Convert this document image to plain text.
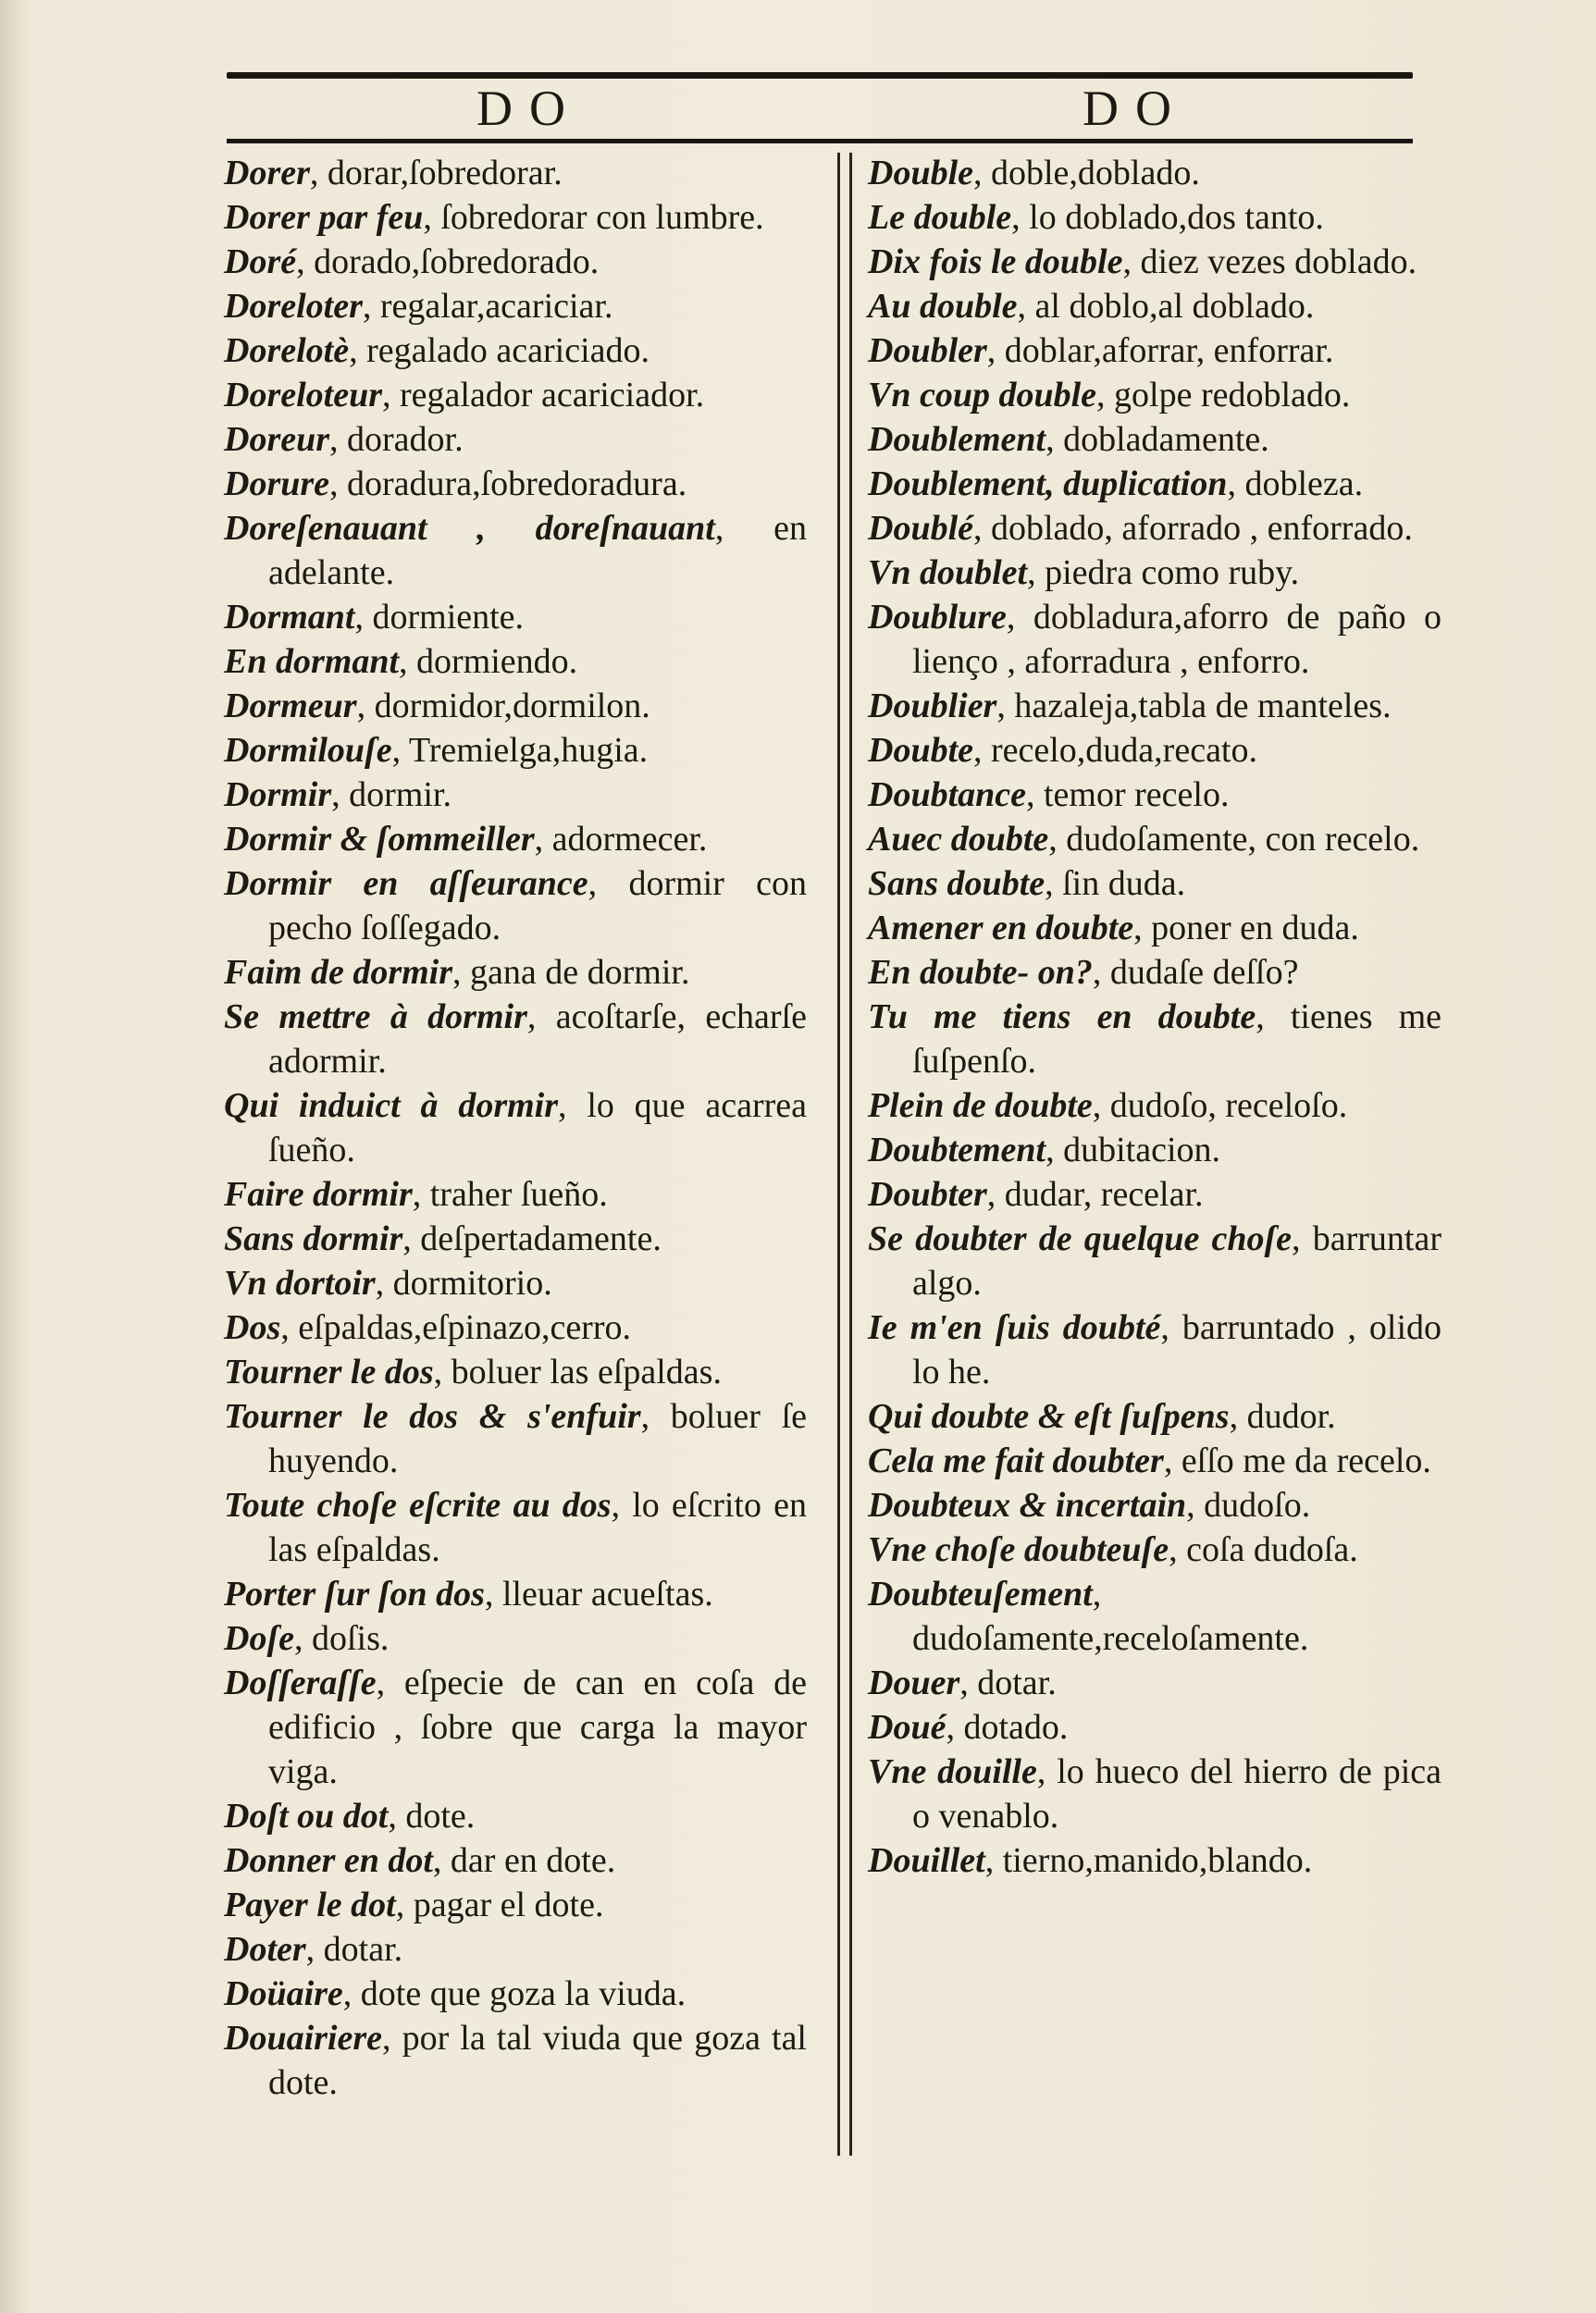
DO	DO

Dorer, dorar,ſobredorar.

Dorer par feu, ſobredorar con lumbre.

Doré, dorado,ſobredorado.

Doreloter, regalar,acariciar.

Dorelotè, regalado acariciado.

Doreloteur, regalador acariciador.

Doreur, dorador.

Dorure, doradura,ſobredoradura.

Doreſenauant , doreſnauant, en adelante.

Dormant, dormiente.

En dormant, dormiendo.

Dormeur, dormidor,dormilon.

Dormilouſe, Tremielga,hugia.

Dormir, dormir.

Dormir & ſommeiller, adormecer.

Dormir en aſſeurance, dormir con pecho ſoſſegado.

Faim de dormir, gana de dormir.

Se mettre à dormir, acoſtarſe, echarſe adormir.

Qui induict à dormir, lo que acarrea ſueño.

Faire dormir, traher ſueño.

Sans dormir, deſpertadamente.

Vn dortoir, dormitorio.

Dos, eſpaldas,eſpinazo,cerro.

Tourner le dos, boluer las eſpaldas.

Tourner le dos & s'enfuir, boluer ſe huyendo.

Toute choſe eſcrite au dos, lo eſcrito en las eſpaldas.

Porter ſur ſon dos, lleuar acueſtas.

Doſe, doſis.

Doſſeraſſe, eſpecie de can en coſa de edificio , ſobre que carga la mayor viga.

Doſt ou dot, dote.

Donner en dot, dar en dote.

Payer le dot, pagar el dote.

Doter, dotar.

Doüaire, dote que goza la viuda.

Douairiere, por la tal viuda que goza tal dote.

Double, doble,doblado.

Le double, lo doblado,dos tanto.

Dix fois le double, diez vezes doblado.

Au double, al doblo,al doblado.

Doubler, doblar,aforrar, enforrar.

Vn coup double, golpe redoblado.

Doublement, dobladamente.

Doublement, duplication, dobleza.

Doublé, doblado, aforrado , enforrado.

Vn doublet, piedra como ruby.

Doublure, dobladura,aforro de paño o lienço , aforradura , enforro.

Doublier, hazaleja,tabla de manteles.

Doubte, recelo,duda,recato.

Doubtance, temor recelo.

Auec doubte, dudoſamente, con recelo.

Sans doubte, ſin duda.

Amener en doubte, poner en duda.

En doubte- on?, dudaſe deſſo?

Tu me tiens en doubte, tienes me ſuſpenſo.

Plein de doubte, dudoſo, receloſo.

Doubtement, dubitacion.

Doubter, dudar, recelar.

Se doubter de quelque choſe, barruntar algo.

Ie m'en ſuis doubté, barruntado , olido lo he.

Qui doubte & eſt ſuſpens, dudor.

Cela me fait doubter, eſſo me da recelo.

Doubteux & incertain, dudoſo.

Vne choſe doubteuſe, coſa dudoſa.

Doubteuſement, dudoſamente,receloſamente.

Douer, dotar.

Doué, dotado.

Vne douille, lo hueco del hierro de pica o venablo.

Douillet, tierno,manido,blando.
